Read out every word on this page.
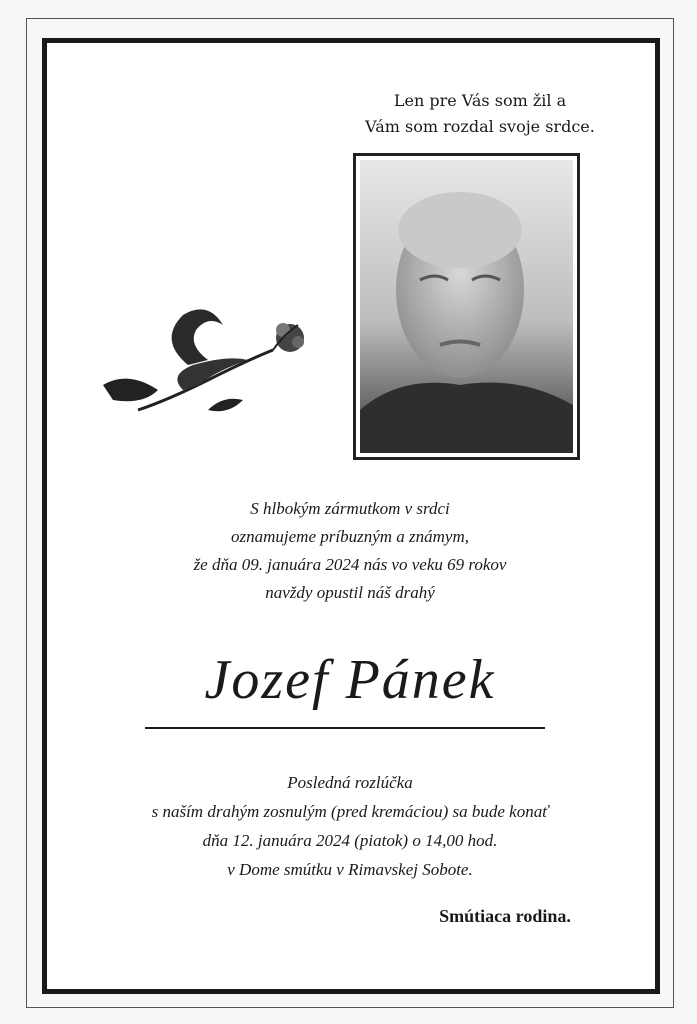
Len pre Vás som žil a
Vám som rozdal svoje srdce.
S hlbokým zármutkom v srdci
oznamujeme príbuzným a známym,
že dňa 09. januára 2024 nás vo veku 69 rokov
navždy opustil náš drahý
Jozef Pánek
Posledná rozlúčka
s naším drahým zosnulým (pred kremáciou) sa bude konať
dňa 12. januára 2024 (piatok) o 14,00 hod.
v Dome smútku v Rimavskej Sobote.
Smútiaca rodina.
